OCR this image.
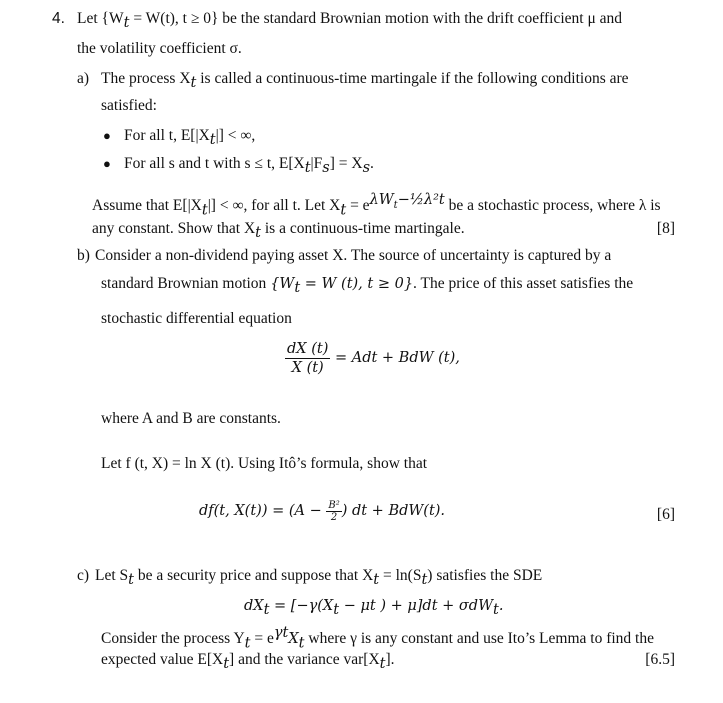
4. Let {$W_t = W(t)$, t ≥ 0} be the standard Brownian motion with the drift coefficient μ and
the volatility coefficient σ.
a) The process $X_t$ is called a continuous-time martingale if the following conditions are
satisfied:
● For all t, $E[|X_t|]$ < ∞,
● For all s and t with s ≤ t, $E[X_t|F_s] = X_s$.
Assume that $E[|X_t|]$ < ∞, for all t. Let $X_t = e^{\lambda W_t-\frac{1}{2}\lambda^2t}$ be a stochastic process, where λ is
any constant. Show that $X_t$ is a continuous-time martingale.	[8]
b) Consider a non-dividend paying asset X. The source of uncertainty is captured by a
standard Brownian motion {$W_t = W$ (t), t ≥ 0}. The price of this asset satisfies the
stochastic differential equation
$\frac{dX (t)}{X (t)}$ = Adt + BdW (t),
where A and B are constants.
Let f (t, X) = ln X (t). Using Itô’s formula, show that
df(t, $X(t)) = (A - \frac{\text{B²}}{2}$ ) dt + BdW(t).	[6]
c) Let $S_t$ be a security price and suppose that $X_t = \ln(S_t)$ satisfies the SDE
$dX_t = [-\gamma(X_t - \mu t$ ) + μ]dt + σdW$_t$.
Consider the process $Y_t = e^{\gamma t}X_t$ where γ is any constant and use Ito’s Lemma to find the
expected value $E[X_t]$ and the variance $var[X_t]$.	[6.5]
